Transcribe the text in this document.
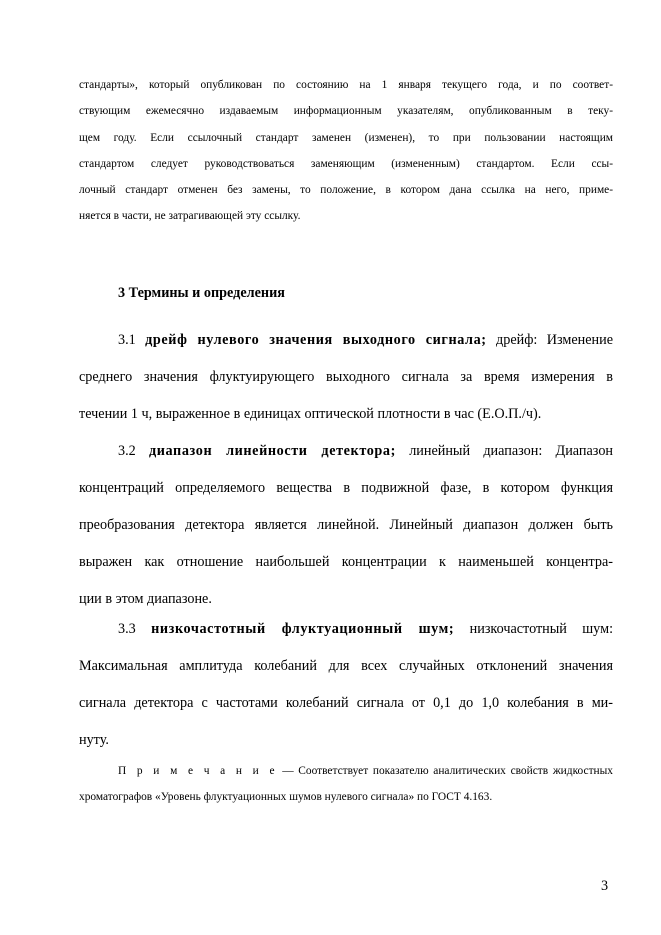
стандарты», который опубликован по состоянию на 1 января текущего года, и по соответ-
ствующим ежемесячно издаваемым информационным указателям, опубликованным в теку-
щем году. Если ссылочный стандарт заменен (изменен), то при пользовании настоящим
стандартом следует руководствоваться заменяющим (измененным) стандартом. Если ссы-
лочный стандарт отменен без замены, то положение, в котором дана ссылка на него, приме-
няется в части, не затрагивающей эту ссылку.
3 Термины и определения
3.1 дрейф нулевого значения выходного сигнала; дрейф: Изменение
среднего значения флуктуирующего выходного сигнала за время измерения в
течении 1 ч, выраженное в единицах оптической плотности в час (Е.О.П./ч).
3.2 диапазон линейности детектора; линейный диапазон: Диапазон
концентраций определяемого вещества в подвижной фазе, в котором функция
преобразования детектора является линейной. Линейный диапазон должен быть
выражен как отношение наибольшей концентрации к наименьшей концентра-
ции в этом диапазоне.
3.3 низкочастотный флуктуационный шум; низкочастотный шум:
Максимальная амплитуда колебаний для всех случайных отклонений значения
сигнала детектора с частотами колебаний сигнала от 0,1 до 1,0 колебания в ми-
нуту.
П р и м е ч а н и е — Соответствует показателю аналитических свойств жидкостных
хроматографов «Уровень флуктуационных шумов нулевого сигнала» по ГОСТ 4.163.
3
